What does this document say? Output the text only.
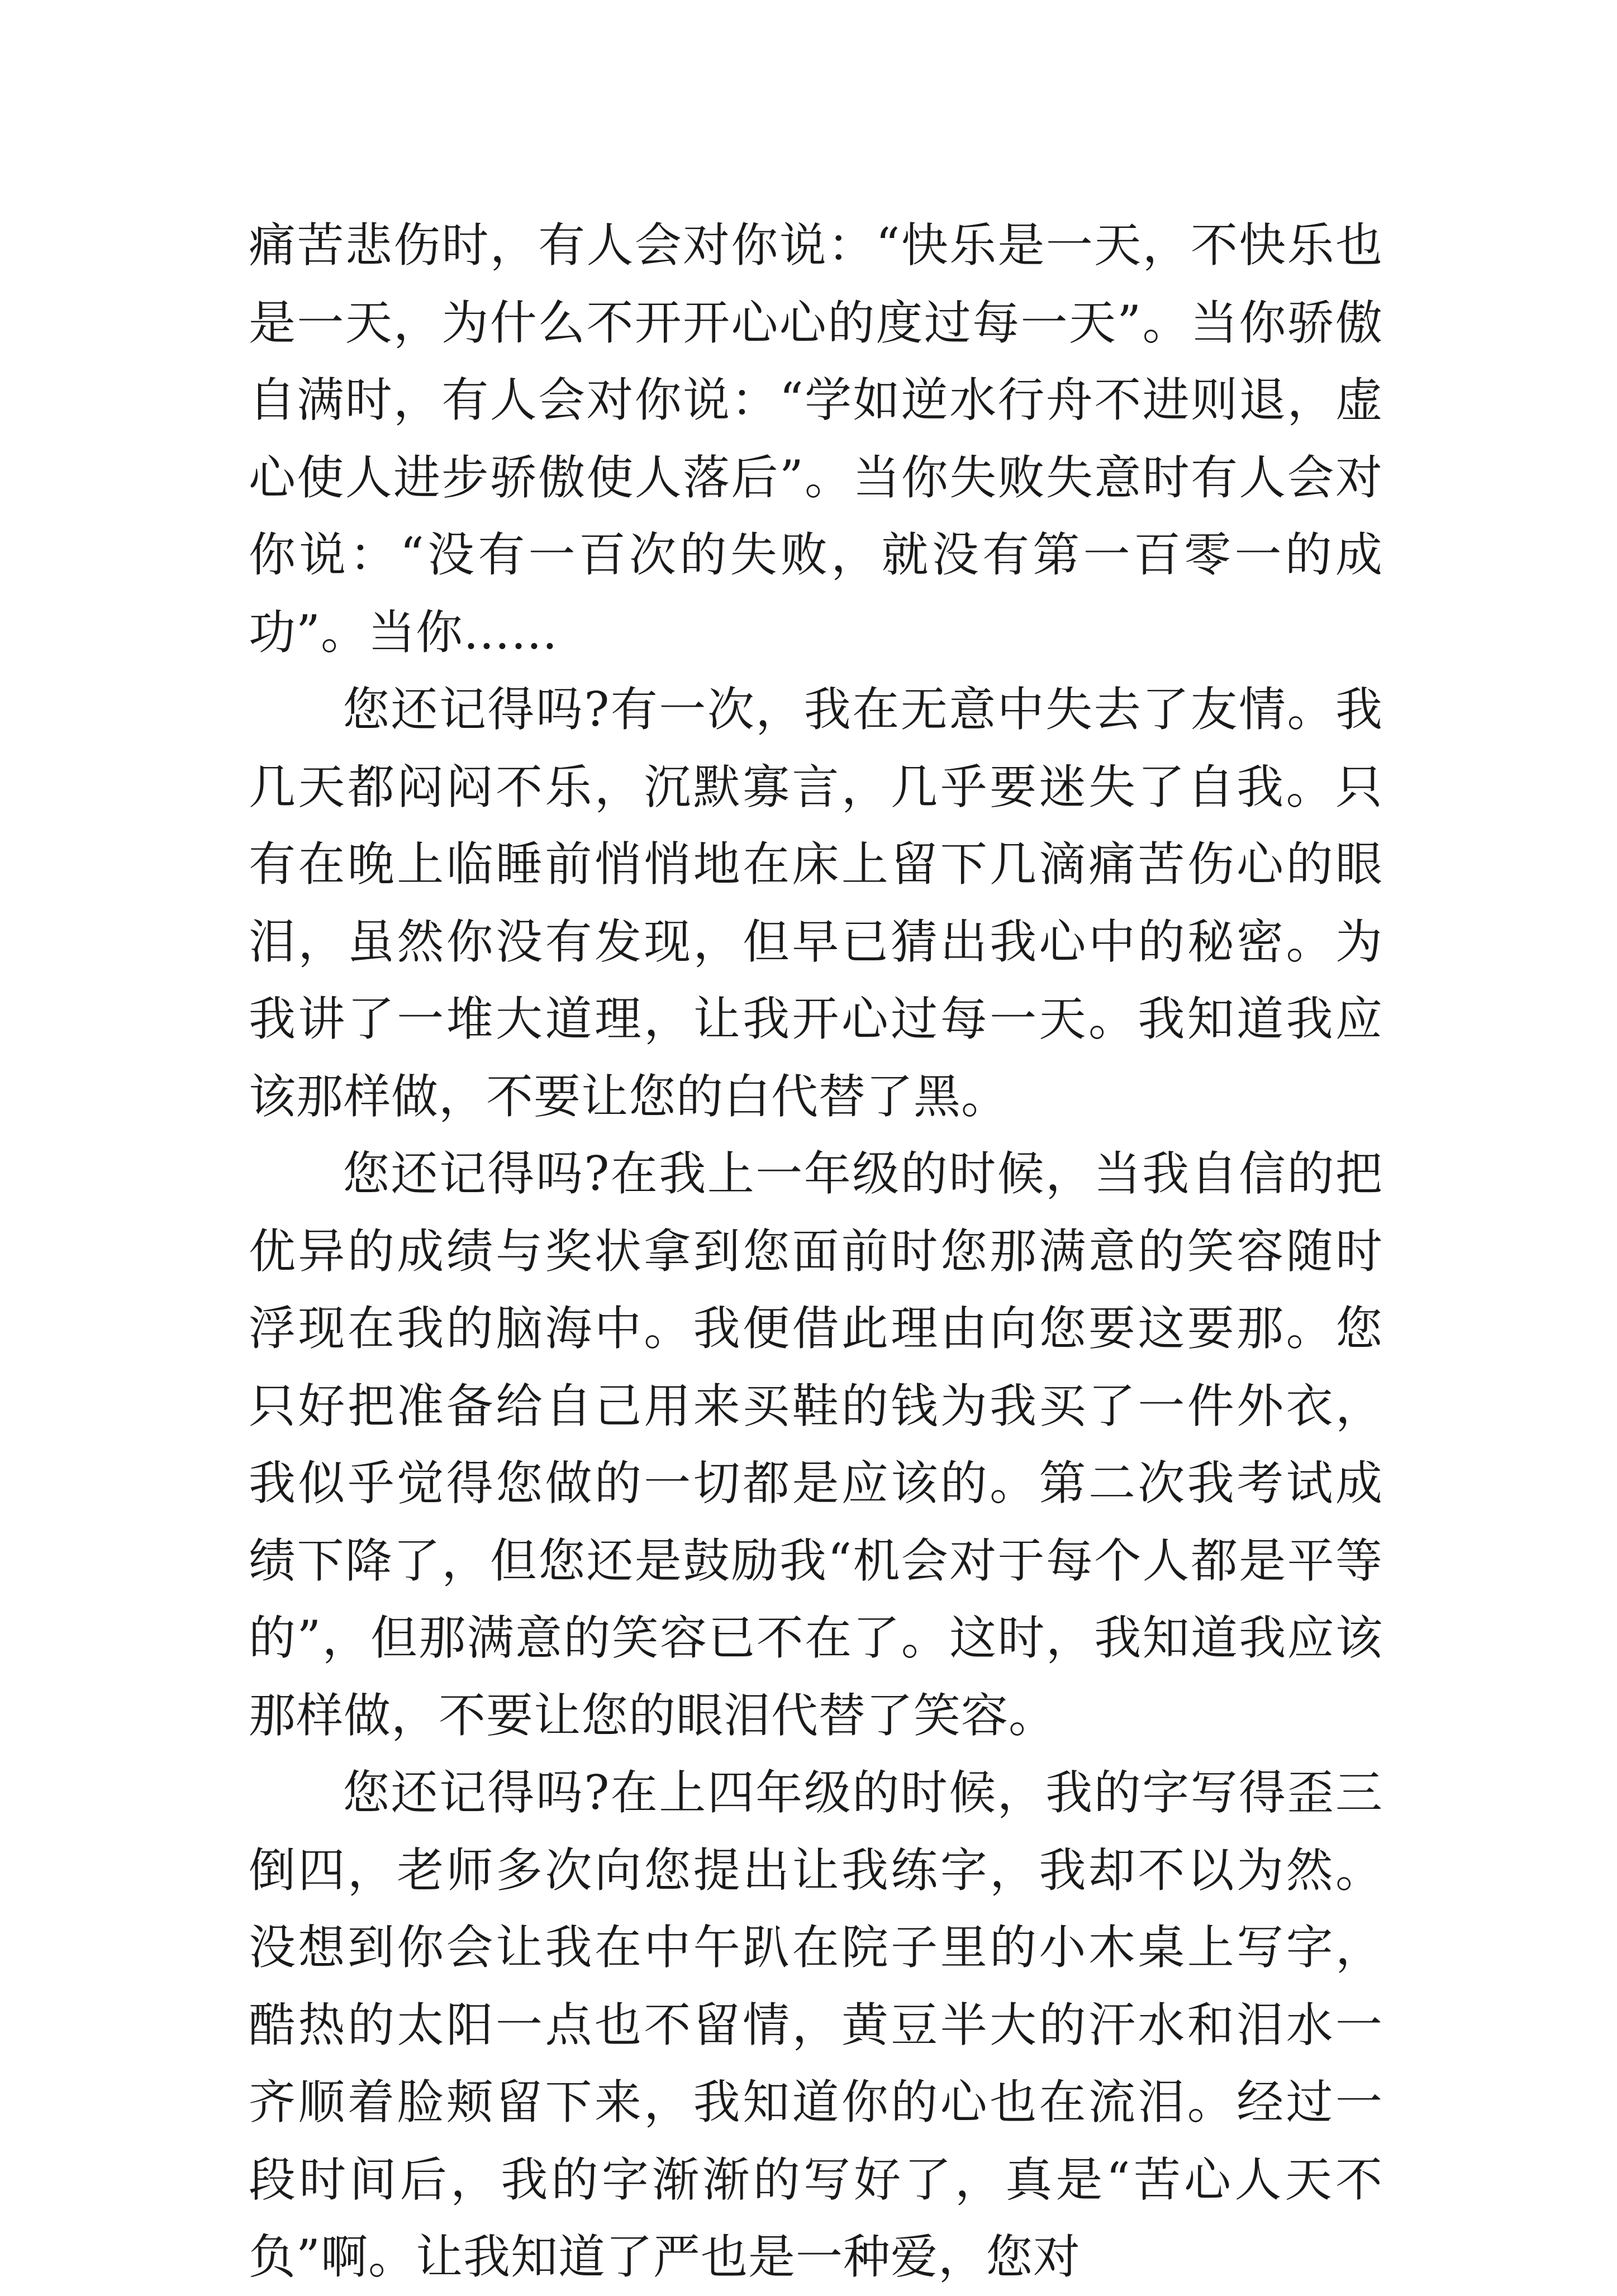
痛苦悲伤时，有人会对你说：“快乐是一天，不快乐也是一天，为什么不开开心心的度过每一天”。当你骄傲自满时，有人会对你说：“学如逆水行舟不进则退，虚心使人进步骄傲使人落后”。当你失败失意时有人会对你说：“没有一百次的失败，就没有第一百零一的成功”。当你……

您还记得吗?有一次，我在无意中失去了友情。我几天都闷闷不乐，沉默寡言，几乎要迷失了自我。只有在晚上临睡前悄悄地在床上留下几滴痛苦伤心的眼泪，虽然你没有发现，但早已猜出我心中的秘密。为我讲了一堆大道理，让我开心过每一天。我知道我应该那样做，不要让您的白代替了黑。

您还记得吗?在我上一年级的时候，当我自信的把优异的成绩与奖状拿到您面前时您那满意的笑容随时浮现在我的脑海中。我便借此理由向您要这要那。您只好把准备给自己用来买鞋的钱为我买了一件外衣，我似乎觉得您做的一切都是应该的。第二次我考试成绩下降了，但您还是鼓励我“机会对于每个人都是平等的”，但那满意的笑容已不在了。这时，我知道我应该那样做，不要让您的眼泪代替了笑容。

您还记得吗?在上四年级的时候，我的字写得歪三倒四，老师多次向您提出让我练字，我却不以为然。没想到你会让我在中午趴在院子里的小木桌上写字，酷热的太阳一点也不留情，黄豆半大的汗水和泪水一齐顺着脸颊留下来，我知道你的心也在流泪。经过一段时间后，我的字渐渐的写好了，真是“苦心人天不负”啊。让我知道了严也是一种爱，您对
